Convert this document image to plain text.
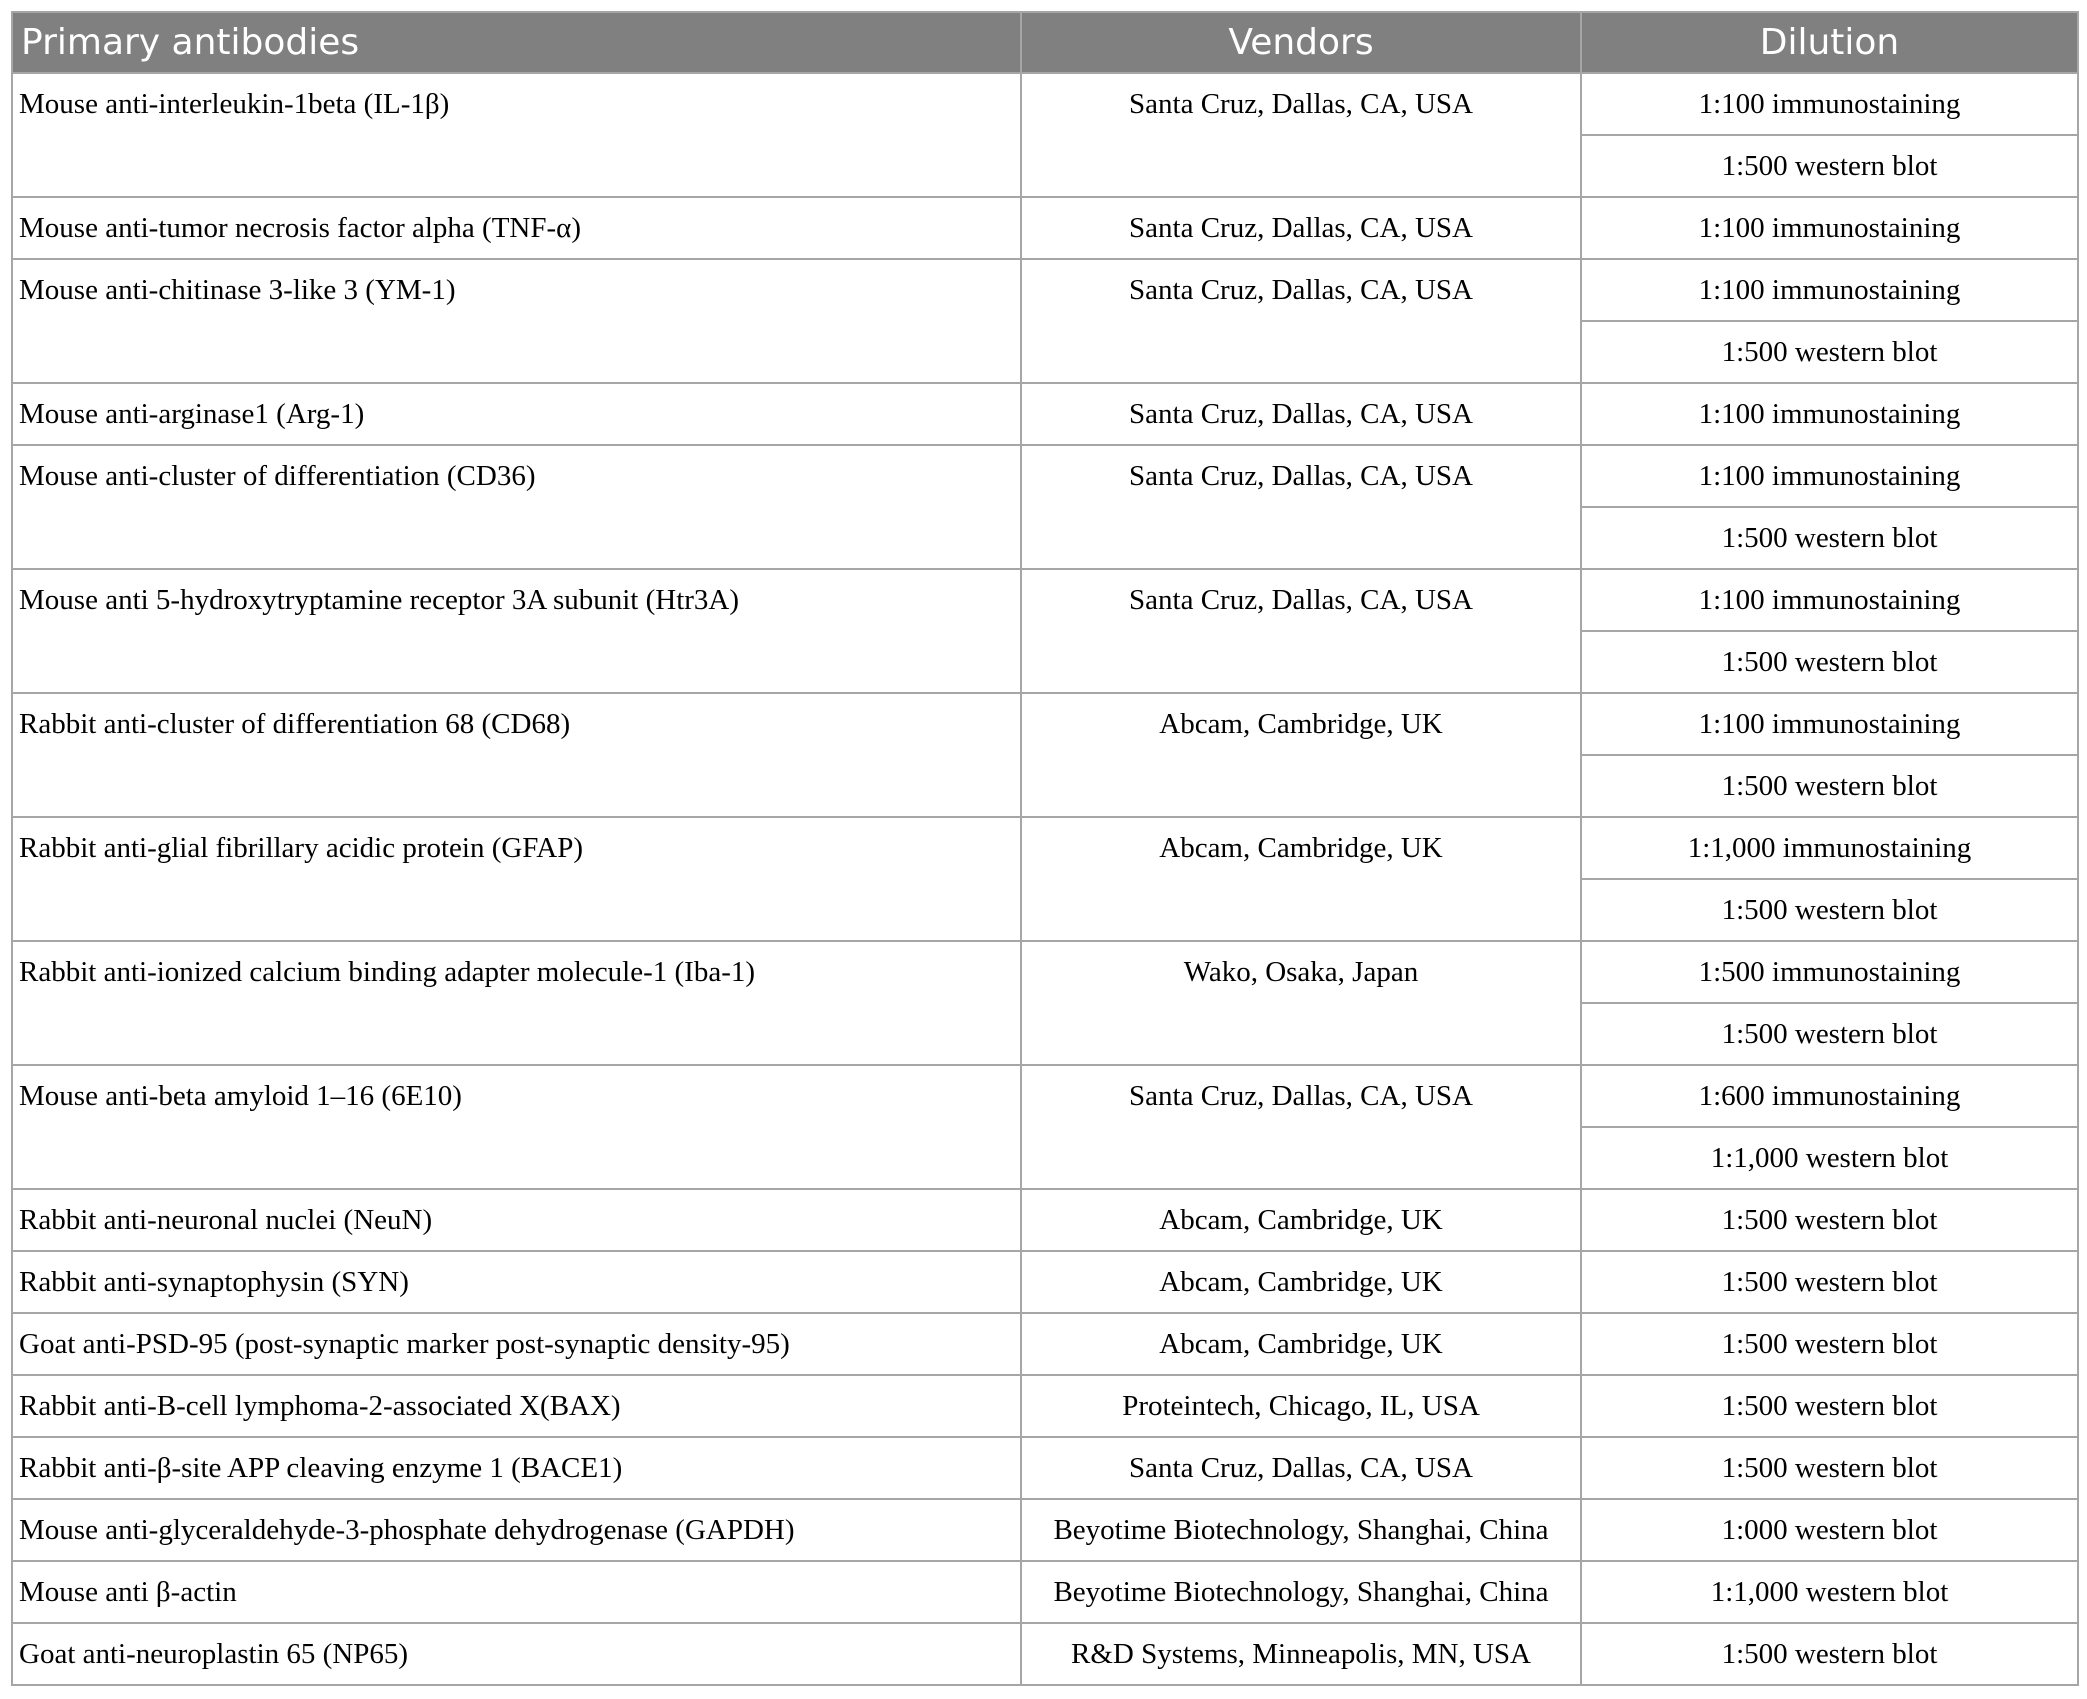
Primary antibodies	Vendors	Dilution
Mouse anti-interleukin-1beta (IL-1β)	Santa Cruz, Dallas, CA, USA	1:100 immunostaining
		1:500 western blot
Mouse anti-tumor necrosis factor alpha (TNF-α)	Santa Cruz, Dallas, CA, USA	1:100 immunostaining
Mouse anti-chitinase 3-like 3 (YM-1)	Santa Cruz, Dallas, CA, USA	1:100 immunostaining
		1:500 western blot
Mouse anti-arginase1 (Arg-1)	Santa Cruz, Dallas, CA, USA	1:100 immunostaining
Mouse anti-cluster of differentiation (CD36)	Santa Cruz, Dallas, CA, USA	1:100 immunostaining
		1:500 western blot
Mouse anti 5-hydroxytryptamine receptor 3A subunit (Htr3A)	Santa Cruz, Dallas, CA, USA	1:100 immunostaining
		1:500 western blot
Rabbit anti-cluster of differentiation 68 (CD68)	Abcam, Cambridge, UK	1:100 immunostaining
		1:500 western blot
Rabbit anti-glial fibrillary acidic protein (GFAP)	Abcam, Cambridge, UK	1:1,000 immunostaining
		1:500 western blot
Rabbit anti-ionized calcium binding adapter molecule-1 (Iba-1)	Wako, Osaka, Japan	1:500 immunostaining
		1:500 western blot
Mouse anti-beta amyloid 1–16 (6E10)	Santa Cruz, Dallas, CA, USA	1:600 immunostaining
		1:1,000 western blot
Rabbit anti-neuronal nuclei (NeuN)	Abcam, Cambridge, UK	1:500 western blot
Rabbit anti-synaptophysin (SYN)	Abcam, Cambridge, UK	1:500 western blot
Goat anti-PSD-95 (post-synaptic marker post-synaptic density-95)	Abcam, Cambridge, UK	1:500 western blot
Rabbit anti-B-cell lymphoma-2-associated X(BAX)	Proteintech, Chicago, IL, USA	1:500 western blot
Rabbit anti-β-site APP cleaving enzyme 1 (BACE1)	Santa Cruz, Dallas, CA, USA	1:500 western blot
Mouse anti-glyceraldehyde-3-phosphate dehydrogenase (GAPDH)	Beyotime Biotechnology, Shanghai, China	1:000 western blot
Mouse anti β-actin	Beyotime Biotechnology, Shanghai, China	1:1,000 western blot
Goat anti-neuroplastin 65 (NP65)	R&D Systems, Minneapolis, MN, USA	1:500 western blot
